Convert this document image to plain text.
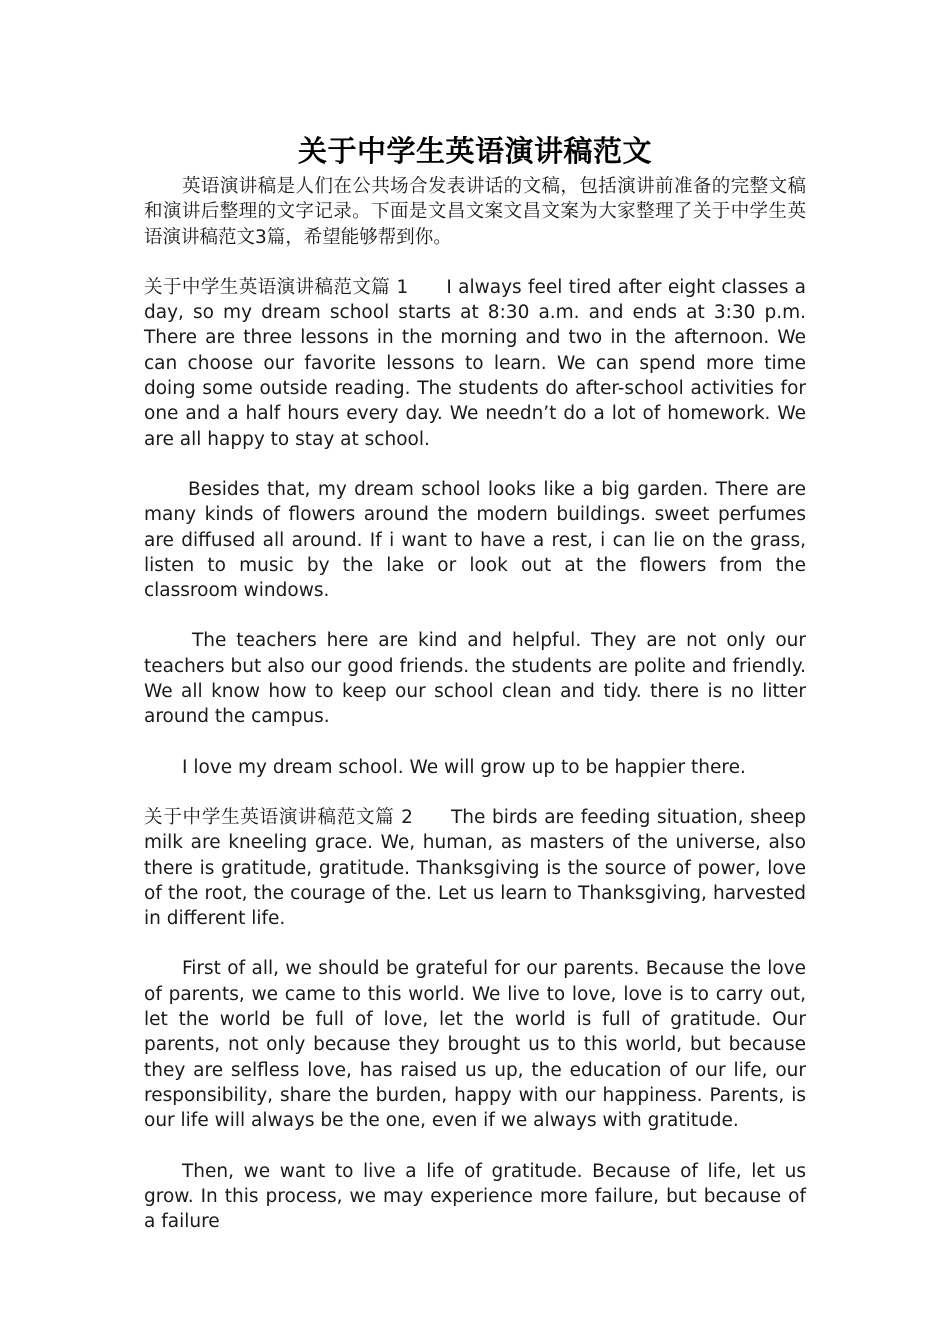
关于中学生英语演讲稿范文

英语演讲稿是人们在公共场合发表讲话的文稿，包括演讲前准备的完整文稿和演讲后整理的文字记录。下面是文昌文案文昌文案为大家整理了关于中学生英语演讲稿范文3篇，希望能够帮到你。

关于中学生英语演讲稿范文篇 1 I always feel tired after eight classes a day, so my dream school starts at 8:30 a.m. and ends at 3:30 p.m. There are three lessons in the morning and two in the afternoon. We can choose our favorite lessons to learn. We can spend more time doing some outside reading. The students do after-school activities for one and a half hours every day. We needn’t do a lot of homework. We are all happy to stay at school.

Besides that, my dream school looks like a big garden. There are many kinds of flowers around the modern buildings. sweet perfumes are diffused all around. If i want to have a rest, i can lie on the grass, listen to music by the lake or look out at the flowers from the classroom windows.

The teachers here are kind and helpful. They are not only our teachers but also our good friends. the students are polite and friendly. We all know how to keep our school clean and tidy. there is no litter around the campus.

I love my dream school. We will grow up to be happier there.

关于中学生英语演讲稿范文篇 2 The birds are feeding situation, sheep milk are kneeling grace. We, human, as masters of the universe, also there is gratitude, gratitude. Thanksgiving is the source of power, love of the root, the courage of the. Let us learn to Thanksgiving, harvested in different life.

First of all, we should be grateful for our parents. Because the love of parents, we came to this world. We live to love, love is to carry out, let the world be full of love, let the world is full of gratitude. Our parents, not only because they brought us to this world, but because they are selfless love, has raised us up, the education of our life, our responsibility, share the burden, happy with our happiness. Parents, is our life will always be the one, even if we always with gratitude.

Then, we want to live a life of gratitude. Because of life, let us grow. In this process, we may experience more failure, but because of a failure
